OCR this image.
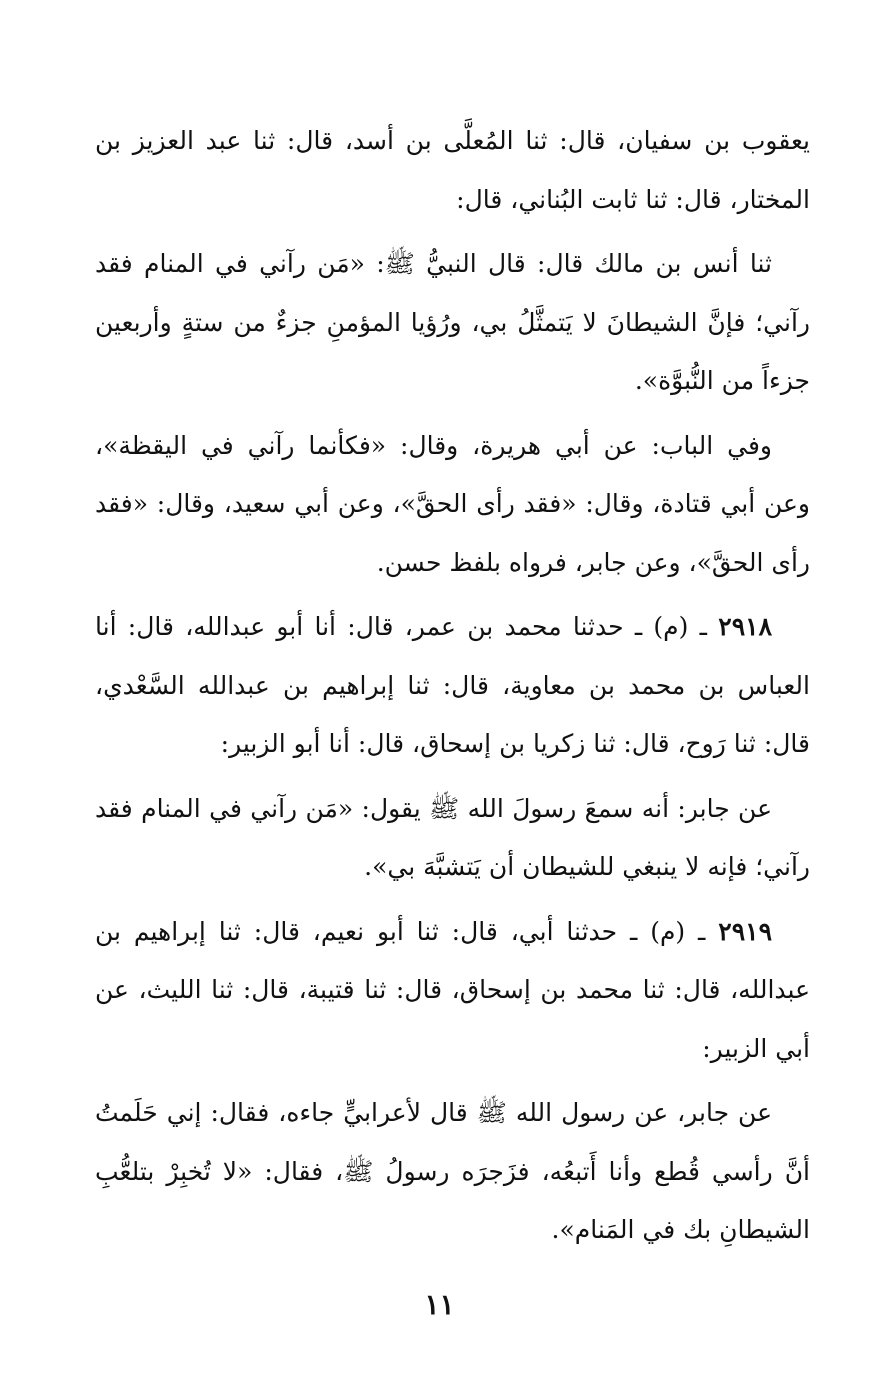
يعقوب بن سفيان، قال: ثنا المُعلَّى بن أسد، قال: ثنا عبد العزيز بن المختار، قال: ثنا ثابت البُناني، قال:

ثنا أنس بن مالك قال: قال النبيُّ ﷺ: «مَن رآني في المنام فقد رآني؛ فإنَّ الشيطانَ لا يَتمثَّلُ بي، ورُؤيا المؤمنِ جزءٌ من ستةٍ وأربعين جزءاً من النُّبوَّة».

وفي الباب: عن أبي هريرة، وقال: «فكأنما رآني في اليقظة»، وعن أبي قتادة، وقال: «فقد رأى الحقَّ»، وعن أبي سعيد، وقال: «فقد رأى الحقَّ»، وعن جابر، فرواه بلفظ حسن.

٢٩١٨ ـ (م) ـ حدثنا محمد بن عمر، قال: أنا أبو عبدالله، قال: أنا العباس بن محمد بن معاوية، قال: ثنا إبراهيم بن عبدالله السَّعْدي، قال: ثنا رَوح، قال: ثنا زكريا بن إسحاق، قال: أنا أبو الزبير:

عن جابر: أنه سمعَ رسولَ الله ﷺ يقول: «مَن رآني في المنام فقد رآني؛ فإنه لا ينبغي للشيطان أن يَتشبَّهَ بي».

٢٩١٩ ـ (م) ـ حدثنا أبي، قال: ثنا أبو نعيم، قال: ثنا إبراهيم بن عبدالله، قال: ثنا محمد بن إسحاق، قال: ثنا قتيبة، قال: ثنا الليث، عن أبي الزبير:

عن جابر، عن رسول الله ﷺ قال لأعرابيٍّ جاءه، فقال: إني حَلَمتُ أنَّ رأسي قُطع وأنا أَتبعُه، فزَجرَه رسولُ ﷺ، فقال: «لا تُخبِرْ بتلعُّبِ الشيطانِ بك في المَنام».

١١
